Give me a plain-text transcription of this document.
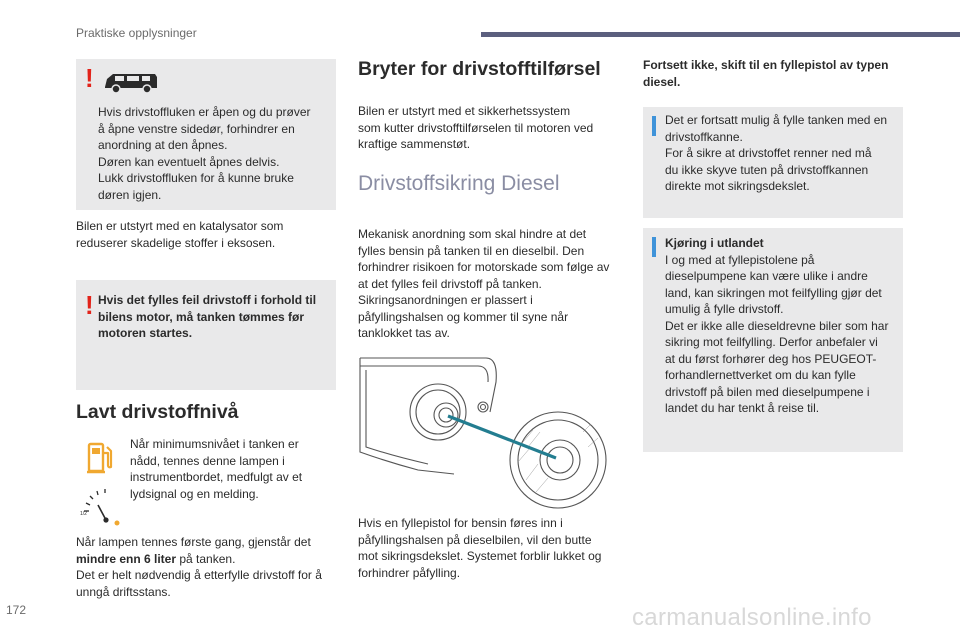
Praktiske opplysninger
!
Hvis drivstoffluken er åpen og du prøver
å åpne venstre sidedør, forhindrer en
anordning at den åpnes.
Døren kan eventuelt åpnes delvis.
Lukk drivstoffluken for å kunne bruke
døren igjen.
Bilen er utstyrt med en katalysator som
reduserer skadelige stoffer i eksosen.
! Hvis det fylles feil drivstoff i forhold til
bilens motor, må tanken tømmes før
motoren startes.
Lavt drivstoffnivå
1/2
Når minimumsnivået i tanken er
nådd, tennes denne lampen i
instrumentbordet, medfulgt av et
lydsignal og en melding.
Når lampen tennes første gang, gjenstår det
mindre enn 6 liter på tanken.
Det er helt nødvendig å etterfylle drivstoff for å
unngå driftsstans.
Bryter for drivstofftilførsel
Bilen er utstyrt med et sikkerhetssystem
som kutter drivstofftilførselen til motoren ved
kraftige sammenstøt.
Drivstoffsikring Diesel
Mekanisk anordning som skal hindre at det
fylles bensin på tanken til en dieselbil. Den
forhindrer risikoen for motorskade som følge av
at det fylles feil drivstoff på tanken.
Sikringsanordningen er plassert i
påfyllingshalsen og kommer til syne når
tanklokket tas av.
Hvis en fyllepistol for bensin føres inn i
påfyllingshalsen på dieselbilen, vil den butte
mot sikringsdekslet. Systemet forblir lukket og
forhindrer påfylling.
Fortsett ikke, skift til en fyllepistol av typen
diesel.
Det er fortsatt mulig å fylle tanken med en
drivstoffkanne.
For å sikre at drivstoffet renner ned må
du ikke skyve tuten på drivstoffkannen
direkte mot sikringsdekslet.
Kjøring i utlandet
I og med at fyllepistolene på
dieselpumpene kan være ulike i andre
land, kan sikringen mot feilfylling gjør det
umulig å fylle drivstoff.
Det er ikke alle dieseldrevne biler som har
sikring mot feilfylling. Derfor anbefaler vi
at du først forhører deg hos PEUGEOT-
forhandlernettverket om du kan fylle
drivstoff på bilen med dieselpumpene i
landet du har tenkt å reise til.
172	carmanualsonline.info
